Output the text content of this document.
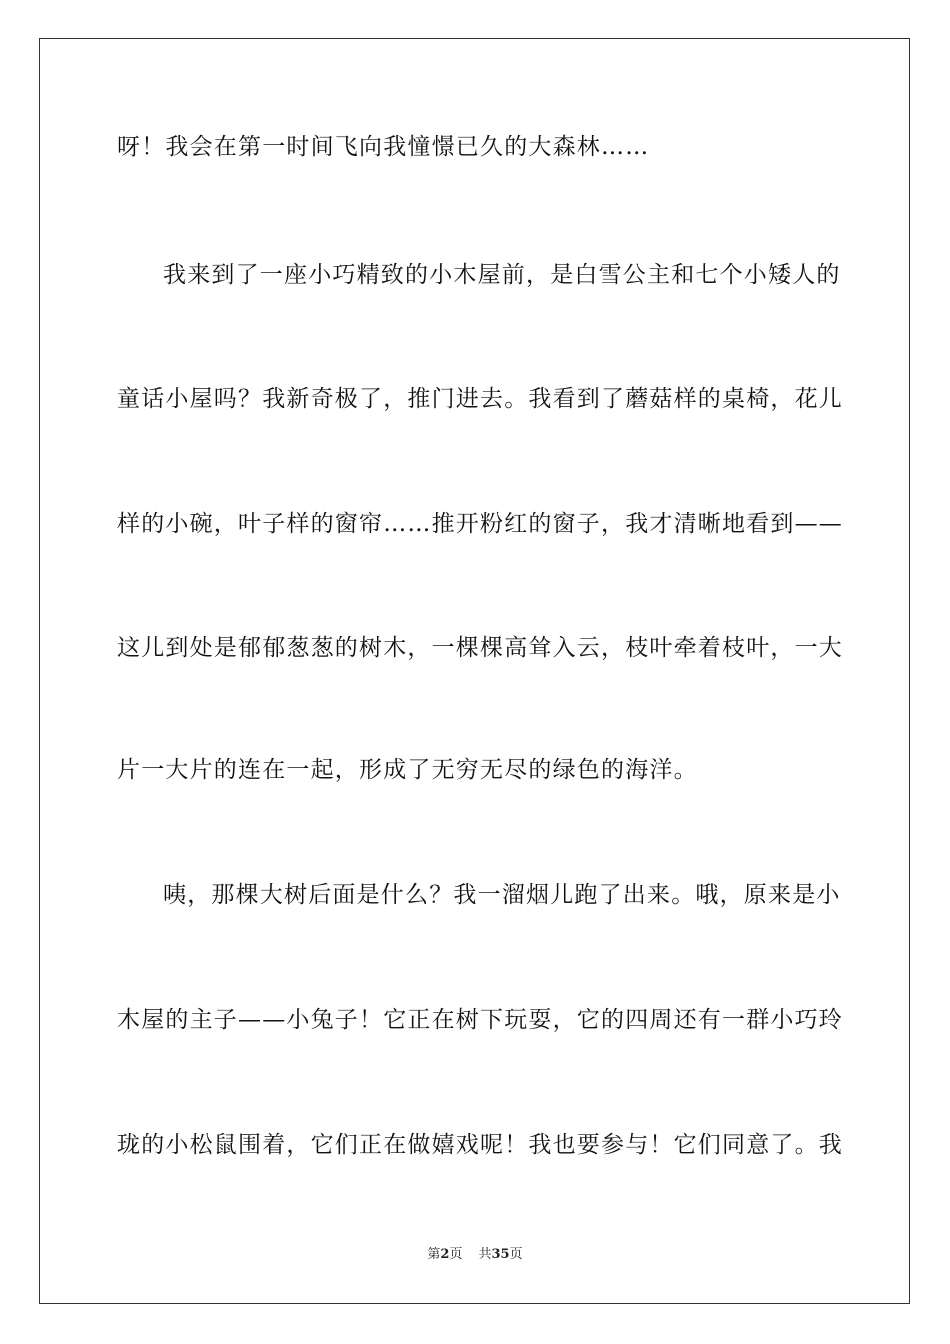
呀！我会在第一时间飞向我憧憬已久的大森林……
我来到了一座小巧精致的小木屋前，是白雪公主和七个小矮人的
童话小屋吗？我新奇极了，推门进去。我看到了蘑菇样的桌椅，花儿
样的小碗，叶子样的窗帘……推开粉红的窗子，我才清晰地看到——
这儿到处是郁郁葱葱的树木，一棵棵高耸入云，枝叶牵着枝叶，一大
片一大片的连在一起，形成了无穷无尽的绿色的海洋。
咦，那棵大树后面是什么？我一溜烟儿跑了出来。哦，原来是小
木屋的主子——小兔子！它正在树下玩耍，它的四周还有一群小巧玲
珑的小松鼠围着，它们正在做嬉戏呢！我也要参与！它们同意了。我
第2页 共35页
